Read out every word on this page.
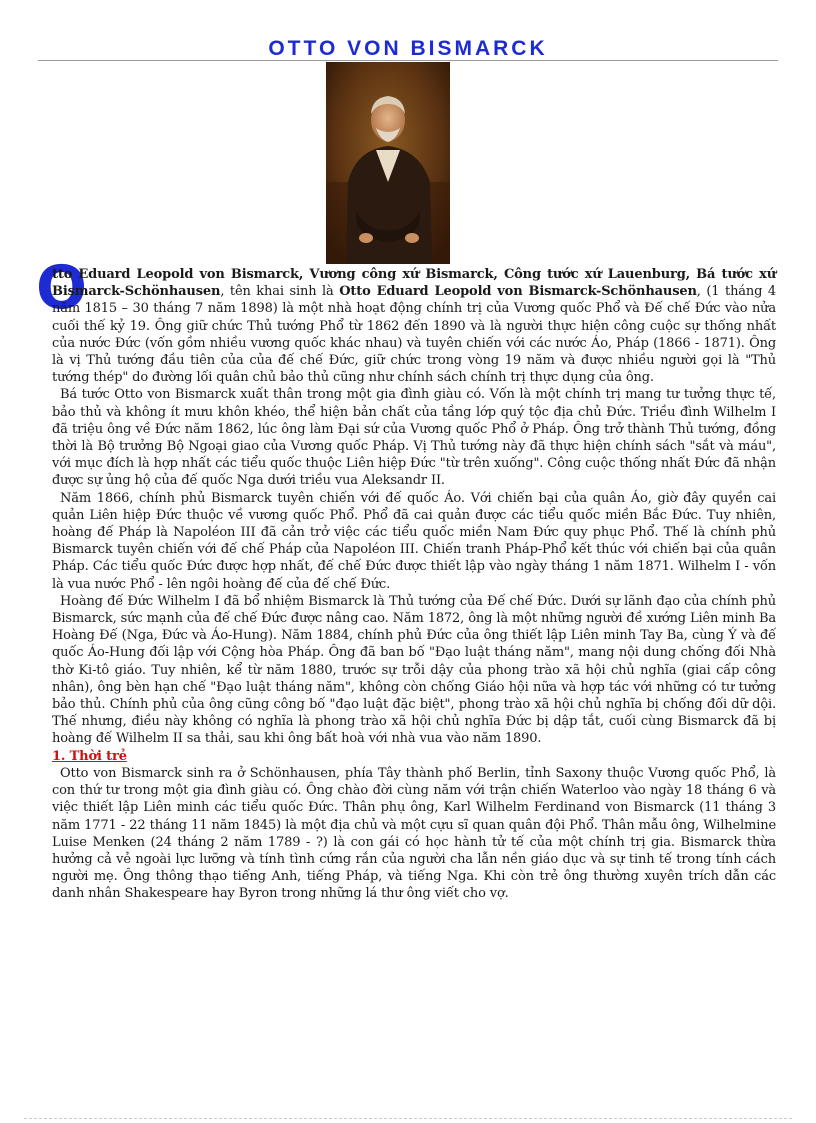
OTTO VON BISMARCK
O

tto Eduard Leopold von Bismarck, Vương công xứ Bismarck, Công tước xứ Lauenburg, Bá tước xứ Bismarck-Schönhausen, tên khai sinh là Otto Eduard Leopold von Bismarck-Schönhausen, (1 tháng 4 năm 1815 – 30 tháng 7 năm 1898) là một nhà hoạt động chính trị của Vương quốc Phổ và Đế chế Đức vào nửa cuối thế kỷ 19. Ông giữ chức Thủ tướng Phổ từ 1862 đến 1890 và là người thực hiện công cuộc sự thống nhất của nước Đức (vốn gồm nhiều vương quốc khác nhau) và tuyên chiến với các nước Áo, Pháp (1866 - 1871). Ông là vị Thủ tướng đầu tiên của của đế chế Đức, giữ chức trong vòng 19 năm và được nhiều người gọi là "Thủ tướng thép" do đường lối quân chủ bảo thủ cũng như chính sách chính trị thực dụng của ông.

Bá tước Otto von Bismarck xuất thân trong một gia đình giàu có. Vốn là một chính trị mang tư tưởng thực tế, bảo thủ và không ít mưu khôn khéo, thể hiện bản chất của tầng lớp quý tộc địa chủ Đức. Triều đình Wilhelm I đã triệu ông về Đức năm 1862, lúc ông làm Đại sứ của Vương quốc Phổ ở Pháp. Ông trở thành Thủ tướng, đồng thời là Bộ trưởng Bộ Ngoại giao của Vương quốc Pháp. Vị Thủ tướng này đã thực hiện chính sách "sắt và máu", với mục đích là hợp nhất các tiểu quốc thuộc Liên hiệp Đức "từ trên xuống". Công cuộc thống nhất Đức đã nhận được sự ủng hộ của đế quốc Nga dưới triều vua Aleksandr II.

Năm 1866, chính phủ Bismarck tuyên chiến với đế quốc Áo. Với chiến bại của quân Áo, giờ đây quyền cai quản Liên hiệp Đức thuộc về vương quốc Phổ. Phổ đã cai quản được các tiểu quốc miền Bắc Đức. Tuy nhiên, hoàng đế Pháp là Napoléon III đã cản trở việc các tiểu quốc miền Nam Đức quy phục Phổ. Thế là chính phủ Bismarck tuyên chiến với đế chế Pháp của Napoléon III. Chiến tranh Pháp-Phổ kết thúc với chiến bại của quân Pháp. Các tiểu quốc Đức được hợp nhất, đế chế Đức được thiết lập vào ngày tháng 1 năm 1871. Wilhelm I - vốn là vua nước Phổ - lên ngôi hoàng đế của đế chế Đức.

Hoàng đế Đức Wilhelm I đã bổ nhiệm Bismarck là Thủ tướng của Đế chế Đức. Dưới sự lãnh đạo của chính phủ Bismarck, sức mạnh của đế chế Đức được nâng cao. Năm 1872, ông là một những người đề xướng Liên minh Ba Hoàng Đế (Nga, Đức và Áo-Hung). Năm 1884, chính phủ Đức của ông thiết lập Liên minh Tay Ba, cùng Ý và đế quốc Áo-Hung đối lập với Cộng hòa Pháp. Ông đã ban bố "Đạo luật tháng năm", mang nội dung chống đối Nhà thờ Ki-tô giáo. Tuy nhiên, kể từ năm 1880, trước sự trỗi dậy của phong trào xã hội chủ nghĩa (giai cấp công nhân), ông bèn hạn chế "Đạo luật tháng năm", không còn chống Giáo hội nữa và hợp tác với những có tư tưởng bảo thủ. Chính phủ của ông cũng công bố "đạo luật đặc biệt", phong trào xã hội chủ nghĩa bị chống đối dữ dội. Thế nhưng, điều này không có nghĩa là phong trào xã hội chủ nghĩa Đức bị dập tắt, cuối cùng Bismarck đã bị hoàng đế Wilhelm II sa thải, sau khi ông bất hoà với nhà vua vào năm 1890.

1. Thời trẻ

Otto von Bismarck sinh ra ở Schönhausen, phía Tây thành phố Berlin, tỉnh Saxony thuộc Vương quốc Phổ, là con thứ tư trong một gia đình giàu có. Ông chào đời cùng năm với trận chiến Waterloo vào ngày 18 tháng 6 và việc thiết lập Liên minh các tiểu quốc Đức. Thân phụ ông, Karl Wilhelm Ferdinand von Bismarck (11 tháng 3 năm 1771 - 22 tháng 11 năm 1845) là một địa chủ và một cựu sĩ quan quân đội Phổ. Thân mẫu ông, Wilhelmine Luise Menken (24 tháng 2 năm 1789 - ?) là con gái có học hành tử tế của một chính trị gia. Bismarck thừa hưởng cả vẻ ngoài lực lưỡng và tính tình cứng rắn của người cha lẫn nền giáo dục và sự tinh tế trong tính cách người mẹ. Ông thông thạo tiếng Anh, tiếng Pháp, và tiếng Nga. Khi còn trẻ ông thường xuyên trích dẫn các danh nhân Shakespeare hay Byron trong những lá thư ông viết cho vợ.
